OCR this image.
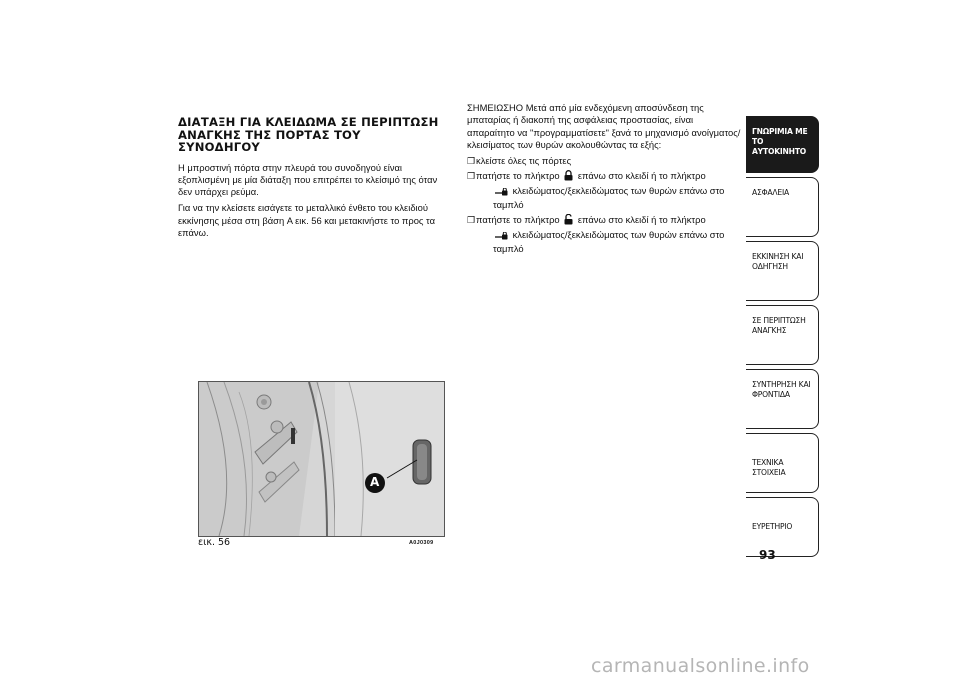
ΔΙΑΤΑΞΗ ΓΙΑ ΚΛΕΙΔΩΜΑ ΣΕ ΠΕΡΙΠΤΩΣΗ
ΑΝΑΓΚΗΣ ΤΗΣ ΠΟΡΤΑΣ ΤΟΥ
ΣΥΝΟΔΗΓΟΥ

Η μπροστινή πόρτα στην πλευρά του συνοδηγού είναι εξοπλισμένη με μία διάταξη που επιτρέπει το κλείσιμό της όταν δεν υπάρχει ρεύμα.

Για να την κλείσετε εισάγετε το μεταλλικό ένθετο του κλειδιού εκκίνησης μέσα στη βάση A εικ. 56 και μετακινήστε το προς τα επάνω.

ΣΗΜΕΙΩΣΗΟ Μετά από μία ενδεχόμενη αποσύνδεση της μπαταρίας ή διακοπή της ασφάλειας προστασίας, είναι απαραίτητο να "προγραμματίσετε" ξανά το μηχανισμό ανοίγματος/κλεισίματος των θυρών ακολουθώντας τα εξής:

❒ κλείστε όλες τις πόρτες
❒ πατήστε το πλήκτρο επάνω στο κλειδί ή το πλήκτρο
κλειδώματος/ξεκλειδώματος των θυρών επάνω στο ταμπλό
❒ πατήστε το πλήκτρο επάνω στο κλειδί ή το πλήκτρο
κλειδώματος/ξεκλειδώματος των θυρών επάνω στο ταμπλό
A
εικ. 56	A0J0309
ΓΝΩΡΙΜΙΑ ΜΕ ΤΟ
ΑΥΤΟΚΙΝΗΤΟ
ΑΣΦΑΛΕΙΑ
ΕΚΚΙΝΗΣΗ ΚΑΙ
ΟΔΗΓΗΣΗ
ΣΕ ΠΕΡΙΠΤΩΣΗ
ΑΝΑΓΚΗΣ
ΣΥΝΤΗΡΗΣΗ ΚΑΙ
ΦΡΟΝΤΙΔΑ
ΤΕΧΝΙΚΑ ΣΤΟΙΧΕΙΑ
ΕΥΡΕΤΗΡΙΟ
93
carmanualsonline.info
